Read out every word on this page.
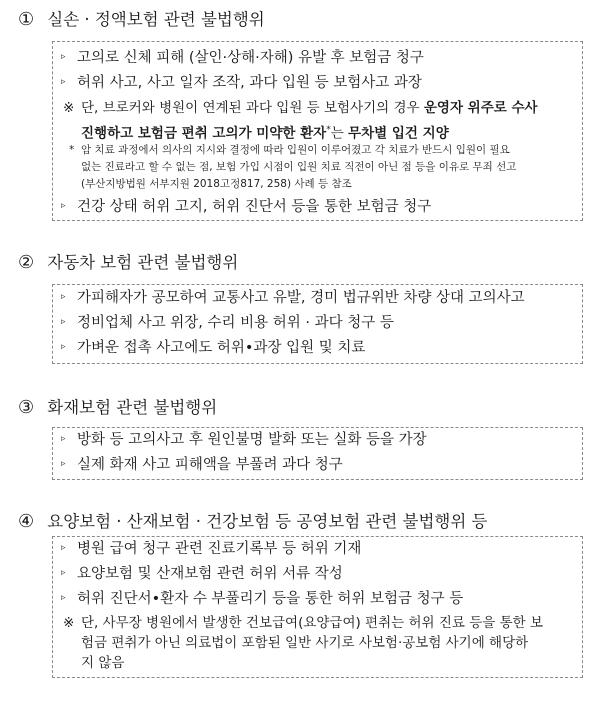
① 실손 · 정액보험 관련 불법행위
▹ 고의로 신체 피해 (살인·상해·자해) 유발 후 보험금 청구
▹ 허위 사고, 사고 일자 조작, 과다 입원 등 보험사고 과장
※ 단, 브로커와 병원이 연계된 과다 입원 등 보험사기의 경우 운영자 위주로 수사
진행하고 보험금 편취 고의가 미약한 환자*는 무차별 입건 지양
* 암 치료 과정에서 의사의 지시와 결정에 따라 입원이 이루어졌고 각 치료가 반드시 입원이 필요
없는 진료라고 할 수 없는 점, 보험 가입 시점이 입원 치료 직전이 아닌 점 등을 이유로 무죄 선고
(부산지방법원 서부지원 2018고정817, 258) 사례 등 참조
▹ 건강 상태 허위 고지, 허위 진단서 등을 통한 보험금 청구
② 자동차 보험 관련 불법행위
▹ 가피해자가 공모하여 교통사고 유발, 경미 법규위반 차량 상대 고의사고
▹ 정비업체 사고 위장, 수리 비용 허위 · 과다 청구 등
▹ 가벼운 접촉 사고에도 허위•과장 입원 및 치료
③ 화재보험 관련 불법행위
▹ 방화 등 고의사고 후 원인불명 발화 또는 실화 등을 가장
▹ 실제 화재 사고 피해액을 부풀려 과다 청구
④ 요양보험 · 산재보험 · 건강보험 등 공영보험 관련 불법행위 등
▹ 병원 급여 청구 관련 진료기록부 등 허위 기재
▹ 요양보험 및 산재보험 관련 허위 서류 작성
▹ 허위 진단서•환자 수 부풀리기 등을 통한 허위 보험금 청구 등
※ 단, 사무장 병원에서 발생한 건보급여(요양급여) 편취는 허위 진료 등을 통한 보
험금 편취가 아닌 의료법이 포함된 일반 사기로 사보험·공보험 사기에 해당하
지 않음
